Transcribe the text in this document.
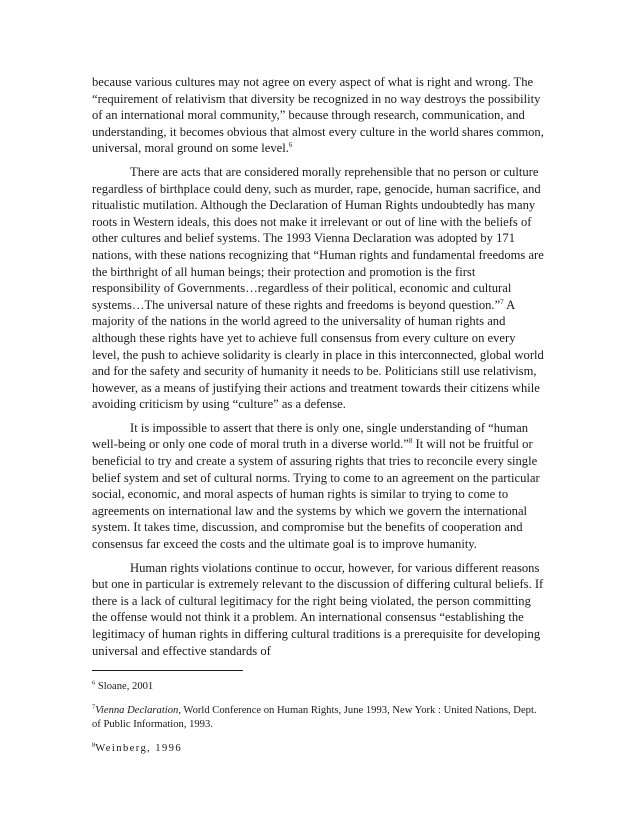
because various cultures may not agree on every aspect of what is right and wrong. The “requirement of relativism that diversity be recognized in no way destroys the possibility of an international moral community,” because through research, communication, and understanding, it becomes obvious that almost every culture in the world shares common, universal, moral ground on some level.$^6$

There are acts that are considered morally reprehensible that no person or culture regardless of birthplace could deny, such as murder, rape, genocide, human sacrifice, and ritualistic mutilation. Although the Declaration of Human Rights undoubtedly has many roots in Western ideals, this does not make it irrelevant or out of line with the beliefs of other cultures and belief systems. The 1993 Vienna Declaration was adopted by 171 nations, with these nations recognizing that “Human rights and fundamental freedoms are the birthright of all human beings; their protection and promotion is the first responsibility of Governments…regardless of their political, economic and cultural systems…The universal nature of these rights and freedoms is beyond question.”$^7$ A majority of the nations in the world agreed to the universality of human rights and although these rights have yet to achieve full consensus from every culture on every level, the push to achieve solidarity is clearly in place in this interconnected, global world and for the safety and security of humanity it needs to be. Politicians still use relativism, however, as a means of justifying their actions and treatment towards their citizens while avoiding criticism by using “culture” as a defense.

It is impossible to assert that there is only one, single understanding of “human well-being or only one code of moral truth in a diverse world.”$^8$ It will not be fruitful or beneficial to try and create a system of assuring rights that tries to reconcile every single belief system and set of cultural norms. Trying to come to an agreement on the particular social, economic, and moral aspects of human rights is similar to trying to come to agreements on international law and the systems by which we govern the international system. It takes time, discussion, and compromise but the benefits of cooperation and consensus far exceed the costs and the ultimate goal is to improve humanity.

Human rights violations continue to occur, however, for various different reasons but one in particular is extremely relevant to the discussion of differing cultural beliefs. If there is a lack of cultural legitimacy for the right being violated, the person committing the offense would not think it a problem. An international consensus “establishing the legitimacy of human rights in differing cultural traditions is a prerequisite for developing universal and effective standards of

$^6$ Sloane, 2001

$^7$Vienna Declaration, World Conference on Human Rights, June 1993, New York : United Nations, Dept. of Public Information, 1993.

$^8$Weinberg, 1996
